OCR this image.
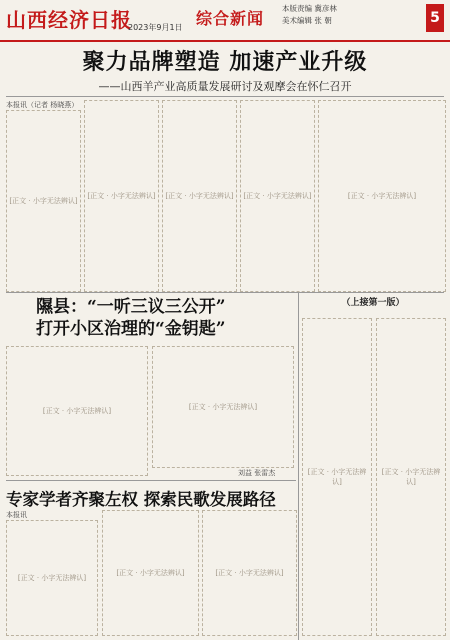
山西经济日报
2023年9月1日 综合新闻
本版责编 冀彦林
美术编辑 张 朝	5
聚力品牌塑造 加速产业升级
——山西羊产业高质量发展研讨及观摩会在怀仁召开
本报讯（记者 杨晓燕）
[正文 · 小字无法辨认]
[正文 · 小字无法辨认]	[正文 · 小字无法辨认]	[正文 · 小字无法辨认]	[正文 · 小字无法辨认]
隰县：“一听三议三公开”
打开小区治理的“金钥匙”
[正文 · 小字无法辨认]	[正文 · 小字无法辨认]
刘益 张雷杰
（上接第一版）
[正文 · 小字无法辨认]
[正文 · 小字无法辨认]
专家学者齐聚左权 探索民歌发展路径
本报讯
[正文 · 小字无法辨认]
[正文 · 小字无法辨认]	[正文 · 小字无法辨认]
